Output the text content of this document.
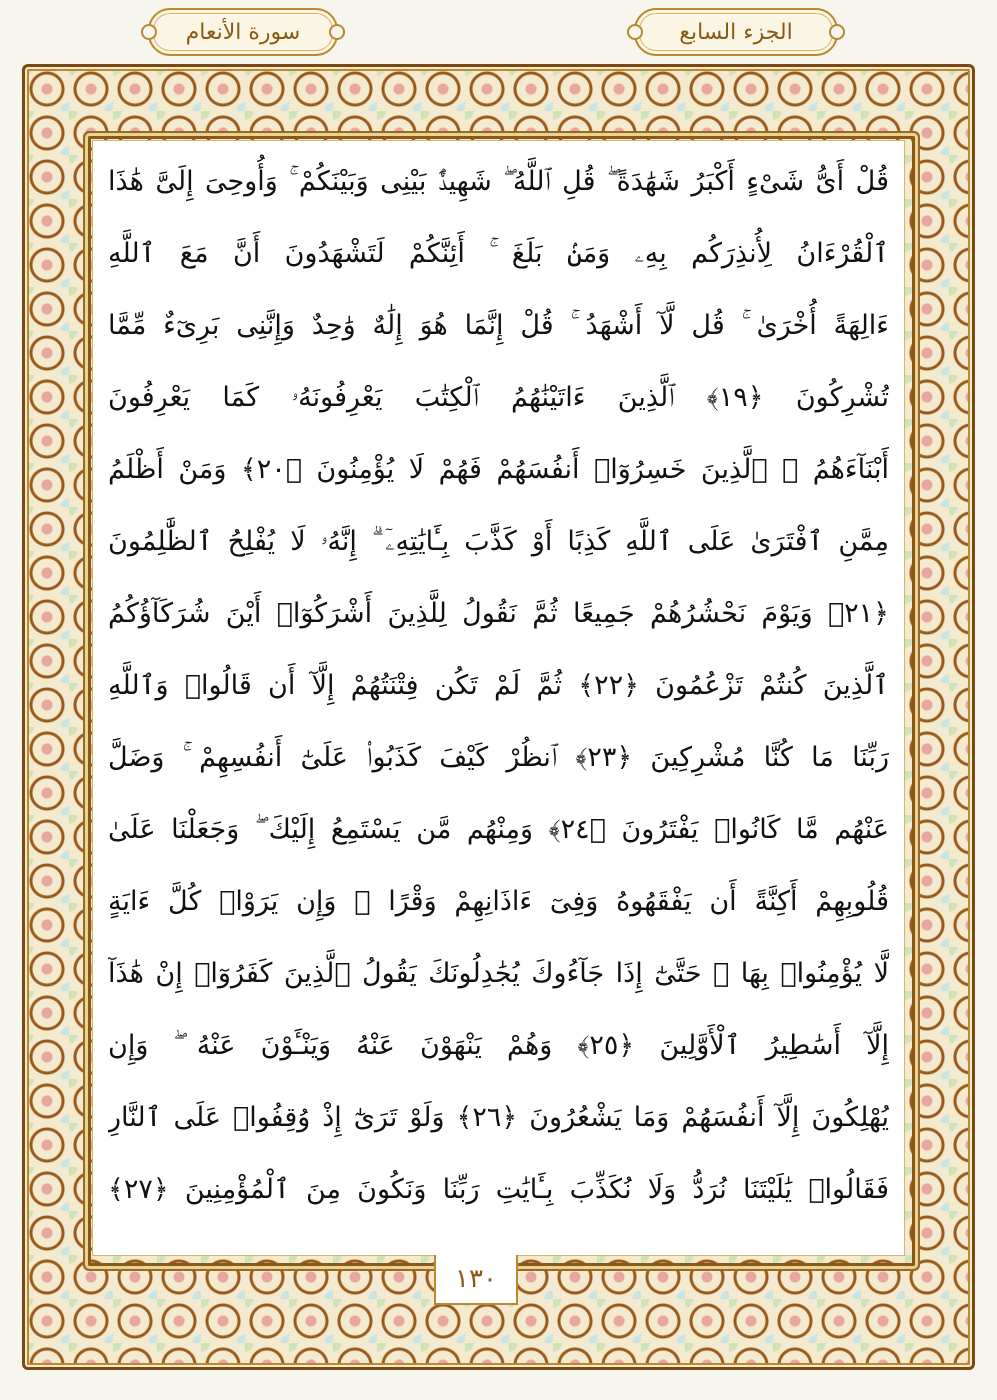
سورة الأنعام	الجزء السابع
قُلْ أَىُّ شَىْءٍ أَكْبَرُ شَهَٰدَةً ۖ قُلِ ٱللَّهُ ۖ شَهِيدٌۢ بَيْنِى وَبَيْنَكُمْ ۚ وَأُوحِىَ إِلَىَّ هَٰذَا
ٱلْقُرْءَانُ لِأُنذِرَكُم بِهِۦ وَمَنۢ بَلَغَ ۚ أَئِنَّكُمْ لَتَشْهَدُونَ أَنَّ مَعَ ٱللَّهِ
ءَالِهَةً أُخْرَىٰ ۚ قُل لَّآ أَشْهَدُ ۚ قُلْ إِنَّمَا هُوَ إِلَٰهٌ وَٰحِدٌ وَإِنَّنِى بَرِىٓءٌ مِّمَّا
تُشْرِكُونَ ﴿١٩﴾ ٱلَّذِينَ ءَاتَيْنَٰهُمُ ٱلْكِتَٰبَ يَعْرِفُونَهُۥ كَمَا يَعْرِفُونَ
أَبْنَآءَهُمُ ۘ ٱلَّذِينَ خَسِرُوٓا۟ أَنفُسَهُمْ فَهُمْ لَا يُؤْمِنُونَ ﴿٢٠﴾ وَمَنْ أَظْلَمُ
مِمَّنِ ٱفْتَرَىٰ عَلَى ٱللَّهِ كَذِبًا أَوْ كَذَّبَ بِـَٔايَٰتِهِۦٓ ۗ إِنَّهُۥ لَا يُفْلِحُ ٱلظَّٰلِمُونَ
﴿٢١﴾ وَيَوْمَ نَحْشُرُهُمْ جَمِيعًا ثُمَّ نَقُولُ لِلَّذِينَ أَشْرَكُوٓا۟ أَيْنَ شُرَكَآؤُكُمُ
ٱلَّذِينَ كُنتُمْ تَزْعُمُونَ ﴿٢٢﴾ ثُمَّ لَمْ تَكُن فِتْنَتُهُمْ إِلَّآ أَن قَالُوا۟ وَٱللَّهِ
رَبِّنَا مَا كُنَّا مُشْرِكِينَ ﴿٢٣﴾ ٱنظُرْ كَيْفَ كَذَبُوا۟ عَلَىٰٓ أَنفُسِهِمْ ۚ وَضَلَّ
عَنْهُم مَّا كَانُوا۟ يَفْتَرُونَ ﴿٢٤﴾ وَمِنْهُم مَّن يَسْتَمِعُ إِلَيْكَ ۖ وَجَعَلْنَا عَلَىٰ
قُلُوبِهِمْ أَكِنَّةً أَن يَفْقَهُوهُ وَفِىٓ ءَاذَانِهِمْ وَقْرًا ۚ وَإِن يَرَوْا۟ كُلَّ ءَايَةٍ
لَّا يُؤْمِنُوا۟ بِهَا ۚ حَتَّىٰٓ إِذَا جَآءُوكَ يُجَٰدِلُونَكَ يَقُولُ ٱلَّذِينَ كَفَرُوٓا۟ إِنْ هَٰذَآ
إِلَّآ أَسَٰطِيرُ ٱلْأَوَّلِينَ ﴿٢٥﴾ وَهُمْ يَنْهَوْنَ عَنْهُ وَيَنْـَٔوْنَ عَنْهُ ۖ وَإِن
يُهْلِكُونَ إِلَّآ أَنفُسَهُمْ وَمَا يَشْعُرُونَ ﴿٢٦﴾ وَلَوْ تَرَىٰٓ إِذْ وُقِفُوا۟ عَلَى ٱلنَّارِ
فَقَالُوا۟ يَٰلَيْتَنَا نُرَدُّ وَلَا نُكَذِّبَ بِـَٔايَٰتِ رَبِّنَا وَنَكُونَ مِنَ ٱلْمُؤْمِنِينَ ﴿٢٧﴾
١٣٠
